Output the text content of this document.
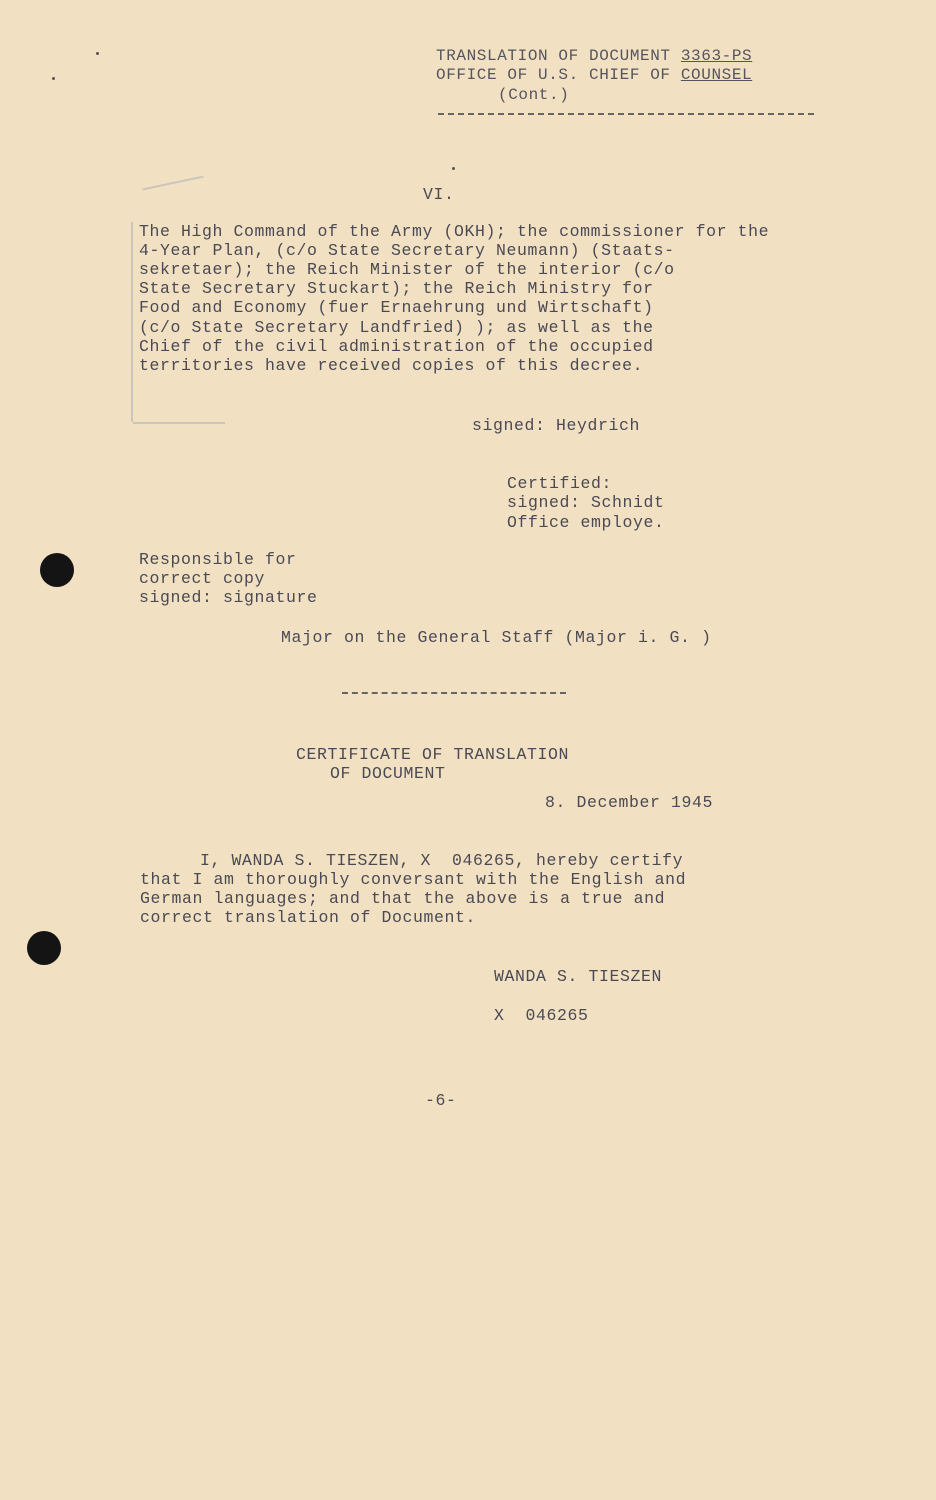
TRANSLATION OF DOCUMENT 3363-PS
OFFICE OF U.S. CHIEF OF COUNSEL
(Cont.)
VI.
The High Command of the Army (OKH); the commissioner for the
4-Year Plan, (c/o State Secretary Neumann) (Staats-
sekretaer); the Reich Minister of the interior (c/o
State Secretary Stuckart); the Reich Ministry for
Food and Economy (fuer Ernaehrung und Wirtschaft)
(c/o State Secretary Landfried) ); as well as the
Chief of the civil administration of the occupied
territories have received copies of this decree.
signed: Heydrich
Certified:
signed: Schnidt
Office employe.
Responsible for
correct copy
signed: signature
Major on the General Staff (Major i. G. )
CERTIFICATE OF TRANSLATION
OF DOCUMENT
8. December 1945
I, WANDA S. TIESZEN, X  046265, hereby certify
that I am thoroughly conversant with the English and
German languages; and that the above is a true and
correct translation of Document.
WANDA S. TIESZEN
X  046265
-6-
